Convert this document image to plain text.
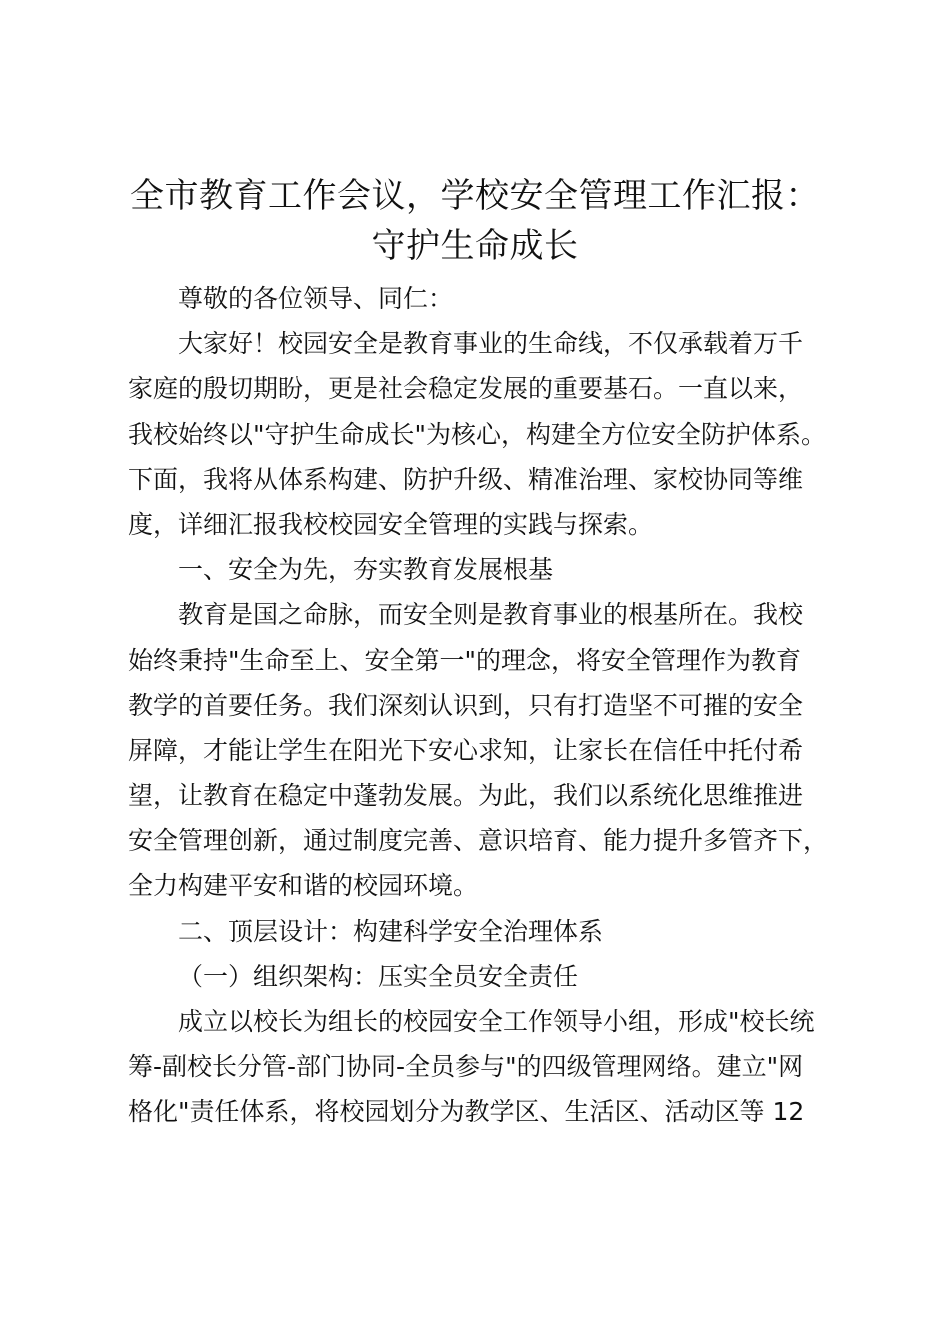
全市教育工作会议，学校安全管理工作汇报：
守护生命成长
尊敬的各位领导、同仁：
大家好！校园安全是教育事业的生命线，不仅承载着万千
家庭的殷切期盼，更是社会稳定发展的重要基石。一直以来，
我校始终以"守护生命成长"为核心，构建全方位安全防护体系。
下面，我将从体系构建、防护升级、精准治理、家校协同等维
度，详细汇报我校校园安全管理的实践与探索。
一、安全为先，夯实教育发展根基
教育是国之命脉，而安全则是教育事业的根基所在。我校
始终秉持"生命至上、安全第一"的理念，将安全管理作为教育
教学的首要任务。我们深刻认识到，只有打造坚不可摧的安全
屏障，才能让学生在阳光下安心求知，让家长在信任中托付希
望，让教育在稳定中蓬勃发展。为此，我们以系统化思维推进
安全管理创新，通过制度完善、意识培育、能力提升多管齐下，
全力构建平安和谐的校园环境。
二、顶层设计：构建科学安全治理体系
（一）组织架构：压实全员安全责任
成立以校长为组长的校园安全工作领导小组，形成"校长统
筹-副校长分管-部门协同-全员参与"的四级管理网络。建立"网
格化"责任体系，将校园划分为教学区、生活区、活动区等 12
